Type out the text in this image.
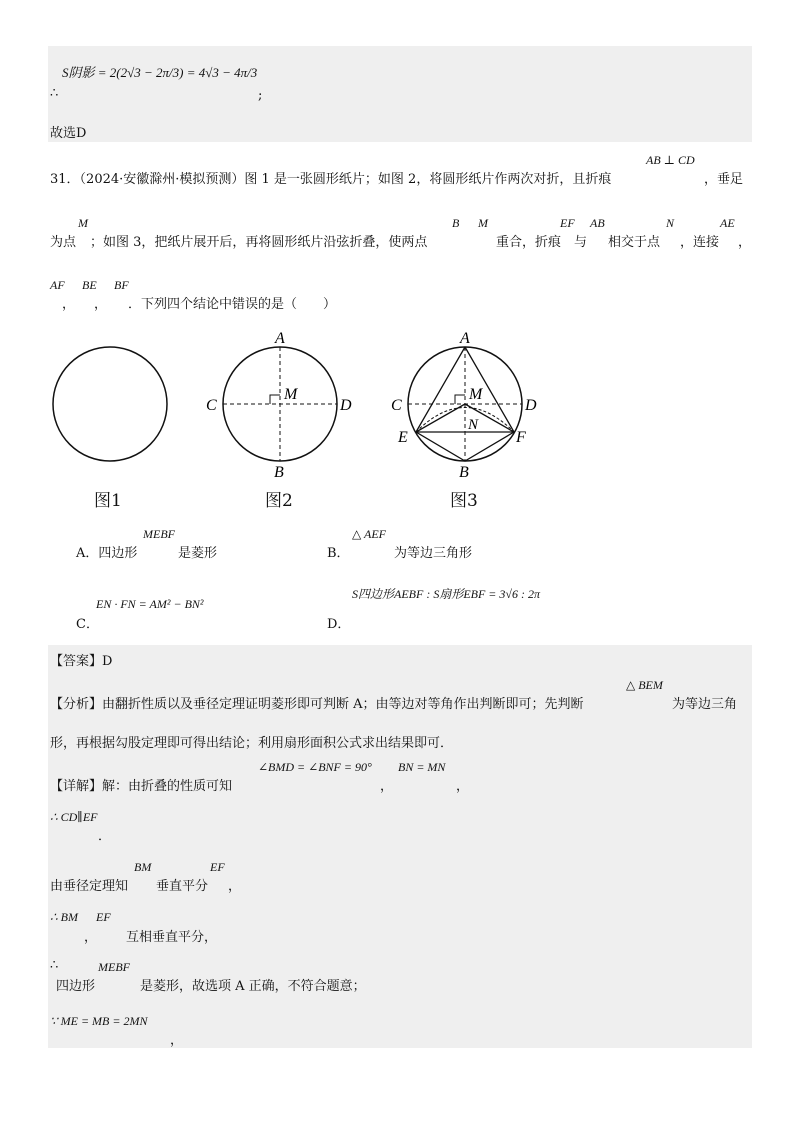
S阴影 = 2(2√3 − 2π/3) = 4√3 − 4π/3
∴	;
故选D
31．（2024·安徽滁州·模拟预测）图 1 是一张圆形纸片；如图 2，将圆形纸片作两次对折，且折痕
AB ⊥ CD
，垂足
M
为点 ；如图 3，把纸片展开后，再将圆形纸片沿弦折叠，使两点
B M
重合，折痕
EF
与
AB
相交于点
N
，连接
AE
，
AF
，
BE
，
BF
．下列四个结论中错误的是（　　）
A
B
C	D
M
A
B
C	D
M
E	F
N
图1	图2	图3
A．四边形
MEBF
是菱形	B．
△ AEF
为等边三角形
EN · FN = AM² − BN²
C．
S四边形AEBF : S扇形EBF = 3√6 : 2π
D．
【答案】D
【分析】由翻折性质以及垂径定理证明菱形即可判断 A；由等边对等角作出判断即可；先判断
△ BEM
为等边三角
形，再根据勾股定理即可得出结论；利用扇形面积公式求出结果即可．
【详解】解：由折叠的性质可知
∠BMD = ∠BNF = 90°
，
BN = MN
，
∴ CD∥EF
．
BM	EF
由垂径定理知 垂直平分 ，
∴ BM EF
， 互相垂直平分，
∴	MEBF
四边形	是菱形，故选项 A 正确，不符合题意；
∵ ME = MB = 2MN
，
